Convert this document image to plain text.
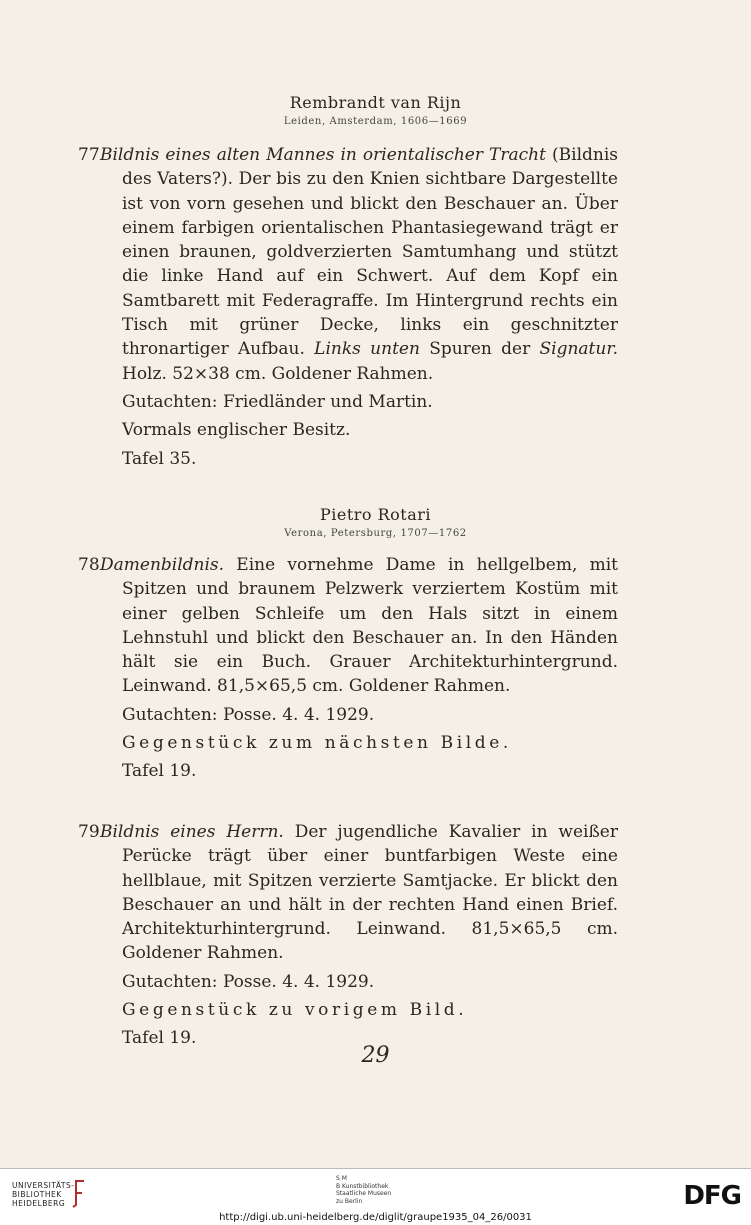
Rembrandt van Rijn
Leiden, Amsterdam, 1606—1669

77Bildnis eines alten Mannes in orientalischer Tracht (Bildnis des Vaters?). Der bis zu den Knien sichtbare Dargestellte ist von vorn gesehen und blickt den Beschauer an. Über einem farbigen orientalischen Phantasiegewand trägt er einen braunen, goldverzierten Samtumhang und stützt die linke Hand auf ein Schwert. Auf dem Kopf ein Samtbarett mit Federagraffe. Im Hintergrund rechts ein Tisch mit grüner Decke, links ein geschnitzter thronartiger Aufbau. Links unten Spuren der Signatur. Holz. 52×38 cm. Goldener Rahmen.

Gutachten: Friedländer und Martin.

Vormals englischer Besitz.

Tafel 35.

Pietro Rotari
Verona, Petersburg, 1707—1762

78Damenbildnis. Eine vornehme Dame in hellgelbem, mit Spitzen und braunem Pelzwerk verziertem Kostüm mit einer gelben Schleife um den Hals sitzt in einem Lehnstuhl und blickt den Beschauer an. In den Händen hält sie ein Buch. Grauer Architekturhintergrund. Leinwand. 81,5×65,5 cm. Goldener Rahmen.

Gutachten: Posse. 4. 4. 1929.

Gegenstück zum nächsten Bilde.

Tafel 19.

79Bildnis eines Herrn. Der jugendliche Kavalier in weißer Perücke trägt über einer buntfarbigen Weste eine hellblaue, mit Spitzen verzierte Samtjacke. Er blickt den Beschauer an und hält in der rechten Hand einen Brief. Architekturhintergrund. Leinwand. 81,5×65,5 cm. Goldener Rahmen.

Gutachten: Posse. 4. 4. 1929.

Gegenstück zu vorigem Bild.

Tafel 19.

29
UNIVERSITÄTS-
BIBLIOTHEK
HEIDELBERG
S M
B Kunstbibliothek
Staatliche Museen
zu Berlin	DFG
http://digi.ub.uni-heidelberg.de/diglit/graupe1935_04_26/0031
